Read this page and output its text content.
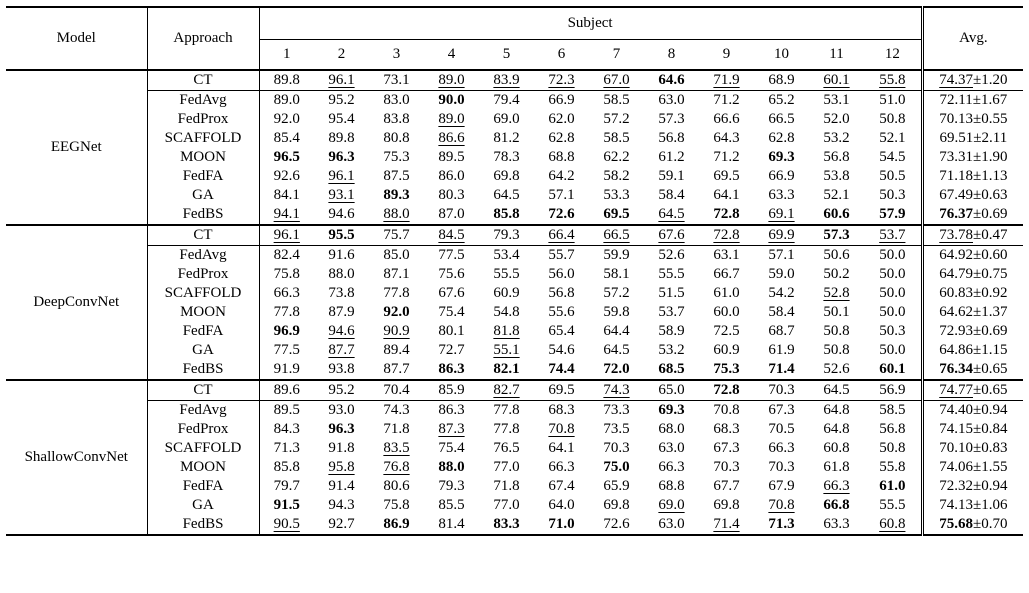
Model	Approach	Subject												Avg.
		1	2	3	4	5	6	7	8	9	10	11	12	
EEGNet	CT	89.8	96.1	73.1	89.0	83.9	72.3	67.0	64.6	71.9	68.9	60.1	55.8	74.37±1.20
	FedAvg	89.0	95.2	83.0	90.0	79.4	66.9	58.5	63.0	71.2	65.2	53.1	51.0	72.11±1.67
	FedProx	92.0	95.4	83.8	89.0	69.0	62.0	57.2	57.3	66.6	66.5	52.0	50.8	70.13±0.55
	SCAFFOLD	85.4	89.8	80.8	86.6	81.2	62.8	58.5	56.8	64.3	62.8	53.2	52.1	69.51±2.11
	MOON	96.5	96.3	75.3	89.5	78.3	68.8	62.2	61.2	71.2	69.3	56.8	54.5	73.31±1.90
	FedFA	92.6	96.1	87.5	86.0	69.8	64.2	58.2	59.1	69.5	66.9	53.8	50.5	71.18±1.13
	GA	84.1	93.1	89.3	80.3	64.5	57.1	53.3	58.4	64.1	63.3	52.1	50.3	67.49±0.63
	FedBS	94.1	94.6	88.0	87.0	85.8	72.6	69.5	64.5	72.8	69.1	60.6	57.9	76.37±0.69
DeepConvNet	CT	96.1	95.5	75.7	84.5	79.3	66.4	66.5	67.6	72.8	69.9	57.3	53.7	73.78±0.47
	FedAvg	82.4	91.6	85.0	77.5	53.4	55.7	59.9	52.6	63.1	57.1	50.6	50.0	64.92±0.60
	FedProx	75.8	88.0	87.1	75.6	55.5	56.0	58.1	55.5	66.7	59.0	50.2	50.0	64.79±0.75
	SCAFFOLD	66.3	73.8	77.8	67.6	60.9	56.8	57.2	51.5	61.0	54.2	52.8	50.0	60.83±0.92
	MOON	77.8	87.9	92.0	75.4	54.8	55.6	59.8	53.7	60.0	58.4	50.1	50.0	64.62±1.37
	FedFA	96.9	94.6	90.9	80.1	81.8	65.4	64.4	58.9	72.5	68.7	50.8	50.3	72.93±0.69
	GA	77.5	87.7	89.4	72.7	55.1	54.6	64.5	53.2	60.9	61.9	50.8	50.0	64.86±1.15
	FedBS	91.9	93.8	87.7	86.3	82.1	74.4	72.0	68.5	75.3	71.4	52.6	60.1	76.34±0.65
ShallowConvNet	CT	89.6	95.2	70.4	85.9	82.7	69.5	74.3	65.0	72.8	70.3	64.5	56.9	74.77±0.65
	FedAvg	89.5	93.0	74.3	86.3	77.8	68.3	73.3	69.3	70.8	67.3	64.8	58.5	74.40±0.94
	FedProx	84.3	96.3	71.8	87.3	77.8	70.8	73.5	68.0	68.3	70.5	64.8	56.8	74.15±0.84
	SCAFFOLD	71.3	91.8	83.5	75.4	76.5	64.1	70.3	63.0	67.3	66.3	60.8	50.8	70.10±0.83
	MOON	85.8	95.8	76.8	88.0	77.0	66.3	75.0	66.3	70.3	70.3	61.8	55.8	74.06±1.55
	FedFA	79.7	91.4	80.6	79.3	71.8	67.4	65.9	68.8	67.7	67.9	66.3	61.0	72.32±0.94
	GA	91.5	94.3	75.8	85.5	77.0	64.0	69.8	69.0	69.8	70.8	66.8	55.5	74.13±1.06
	FedBS	90.5	92.7	86.9	81.4	83.3	71.0	72.6	63.0	71.4	71.3	63.3	60.8	75.68±0.70
